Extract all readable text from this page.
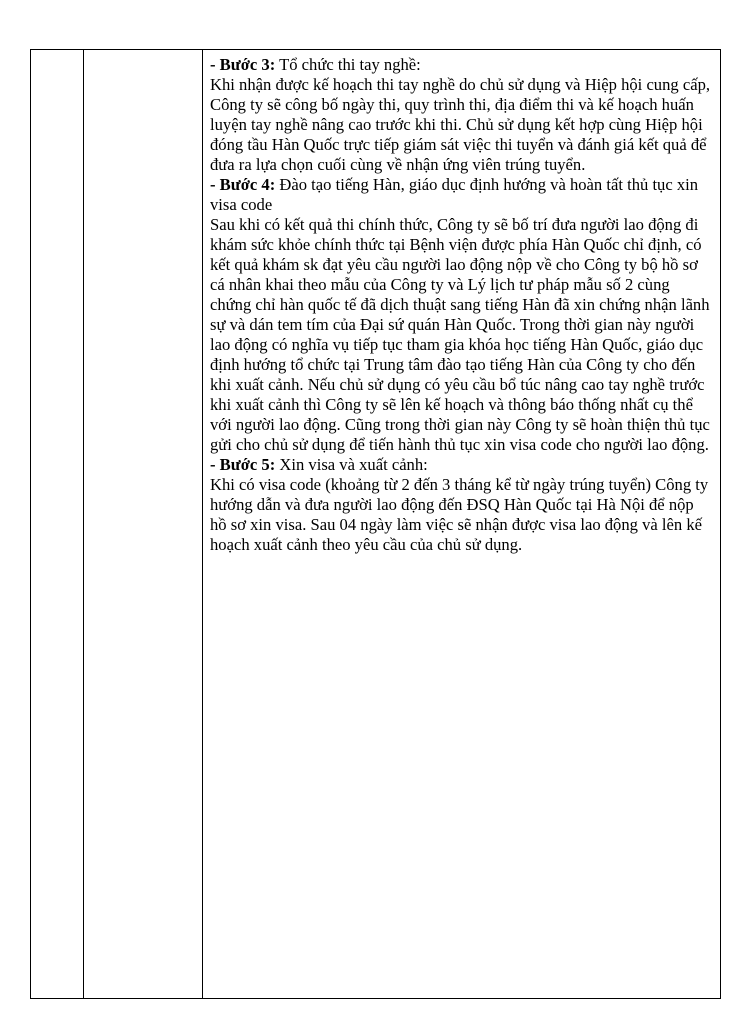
- Bước 3: Tổ chức thi tay nghề:

Khi nhận được kế hoạch thi tay nghề do chủ sử dụng và Hiệp hội cung cấp, Công ty sẽ công bố ngày thi, quy trình thi, địa điểm thi và kế hoạch huấn luyện tay nghề nâng cao trước khi thi. Chủ sử dụng kết hợp cùng Hiệp hội đóng tầu Hàn Quốc trực tiếp giám sát việc thi tuyển và đánh giá kết quả để đưa ra lựa chọn cuối cùng về nhận ứng viên trúng tuyển.

- Bước 4: Đào tạo tiếng Hàn, giáo dục định hướng và hoàn tất thủ tục xin visa code

Sau khi có kết quả thi chính thức, Công ty sẽ bố trí đưa người lao động đi khám sức khỏe chính thức tại Bệnh viện được phía Hàn Quốc chỉ định, có kết quả khám sk đạt yêu cầu người lao động nộp về cho Công ty bộ hồ sơ cá nhân khai theo mẫu của Công ty và Lý lịch tư pháp mẫu số 2 cùng chứng chỉ hàn quốc tế đã dịch thuật sang tiếng Hàn đã xin chứng nhận lãnh sự và dán tem tím của Đại sứ quán Hàn Quốc. Trong thời gian này người lao động có nghĩa vụ tiếp tục tham gia khóa học tiếng Hàn Quốc, giáo dục định hướng tổ chức tại Trung tâm đào tạo tiếng Hàn của Công ty cho đến khi xuất cảnh. Nếu chủ sử dụng có yêu cầu bổ túc nâng cao tay nghề trước khi xuất cảnh thì Công ty sẽ lên kế hoạch và thông báo thống nhất cụ thể với người lao động. Cũng trong thời gian này Công ty sẽ hoàn thiện thủ tục gửi cho chủ sử dụng để tiến hành thủ tục xin visa code cho người lao động.

- Bước 5: Xin visa và xuất cảnh:

Khi có visa code (khoảng từ 2 đến 3 tháng kể từ ngày trúng tuyển) Công ty hướng dẫn và đưa người lao động đến ĐSQ Hàn Quốc tại Hà Nội để nộp hồ sơ xin visa. Sau 04 ngày làm việc sẽ nhận được visa lao động và lên kế hoạch xuất cảnh theo yêu cầu của chủ sử dụng.
